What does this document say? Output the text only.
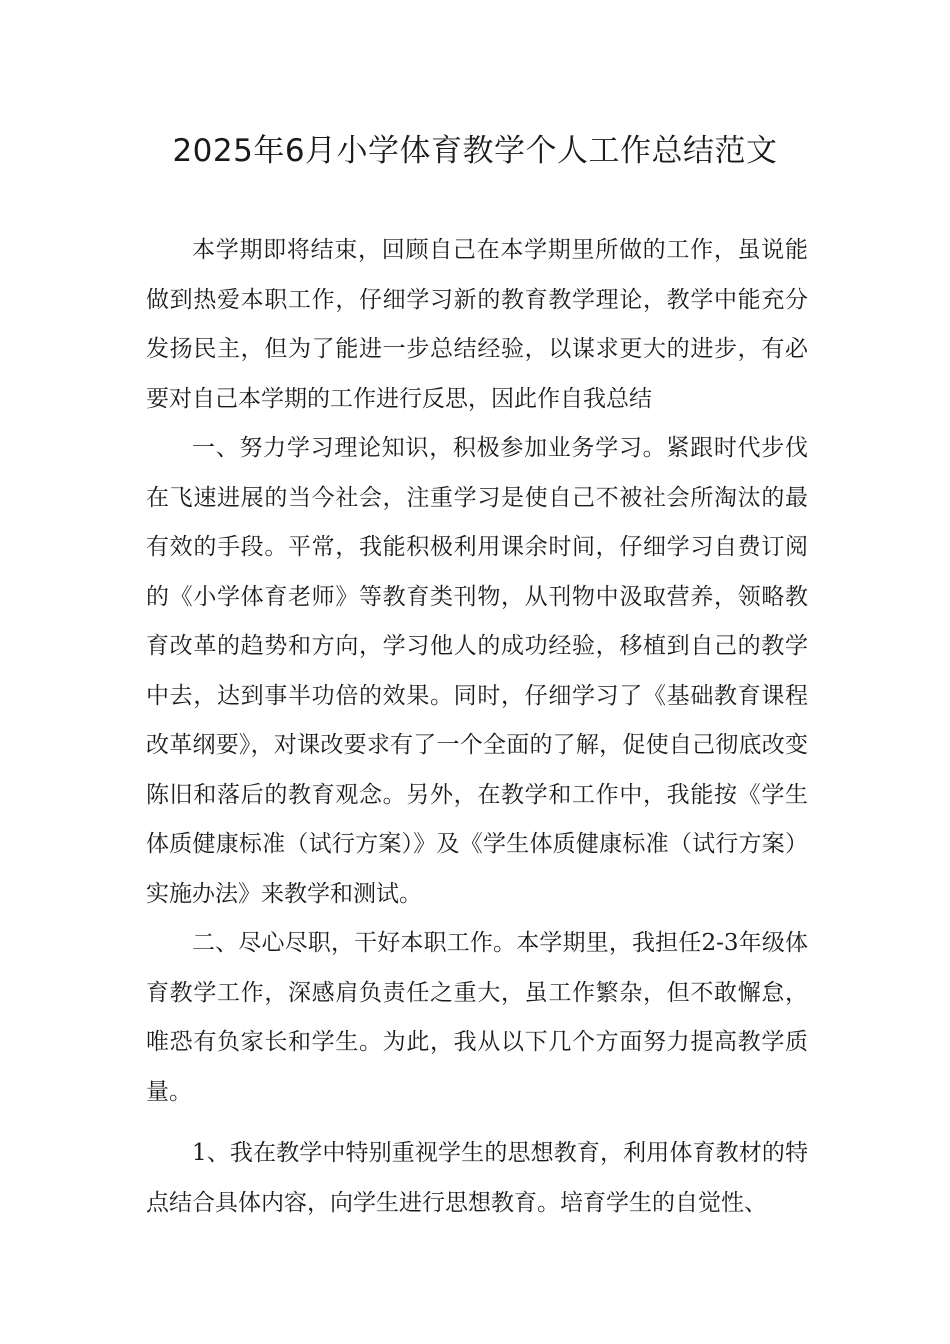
2025年6月小学体育教学个人工作总结范文

本学期即将结束，回顾自己在本学期里所做的工作，虽说能做到热爱本职工作，仔细学习新的教育教学理论，教学中能充分发扬民主，但为了能进一步总结经验，以谋求更大的进步，有必要对自己本学期的工作进行反思，因此作自我总结

一、努力学习理论知识，积极参加业务学习。紧跟时代步伐在飞速进展的当今社会，注重学习是使自己不被社会所淘汰的最有效的手段。平常，我能积极利用课余时间，仔细学习自费订阅的《小学体育老师》等教育类刊物，从刊物中汲取营养，领略教育改革的趋势和方向，学习他人的成功经验，移植到自己的教学中去，达到事半功倍的效果。同时，仔细学习了《基础教育课程改革纲要》，对课改要求有了一个全面的了解，促使自己彻底改变陈旧和落后的教育观念。另外，在教学和工作中，我能按《学生体质健康标准（试行方案）》及《学生体质健康标准（试行方案）实施办法》来教学和测试。

二、尽心尽职，干好本职工作。本学期里，我担任2-3年级体育教学工作，深感肩负责任之重大，虽工作繁杂，但不敢懈怠，唯恐有负家长和学生。为此，我从以下几个方面努力提高教学质量。

1、我在教学中特别重视学生的思想教育，利用体育教材的特点结合具体内容，向学生进行思想教育。培育学生的自觉性、
